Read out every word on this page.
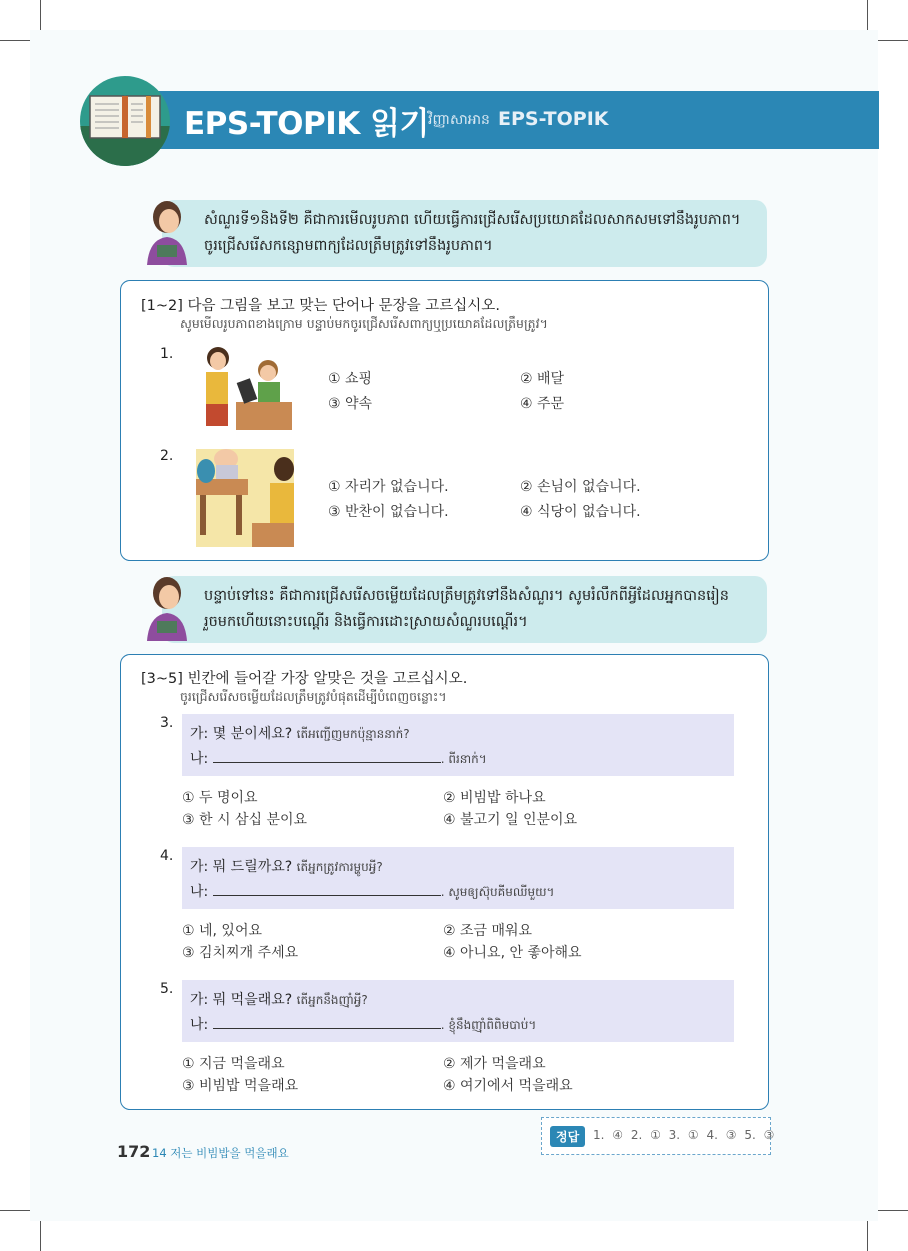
EPS-TOPIK 읽기 វិញ្ញាសាអាន EPS-TOPIK

សំណួរទី១និងទី២ គឺជាការមើលរូបភាព ហើយធ្វើការជ្រើសរើសប្រយោគដែលសាកសមទៅនឹងរូបភាព។

ចូរជ្រើសរើសកន្សោមពាក្យដែលត្រឹមត្រូវទៅនឹងរូបភាព។

[1~2] 다음 그림을 보고 맞는 단어나 문장을 고르십시오.
សូមមើលរូបភាពខាងក្រោម បន្ទាប់មកចូរជ្រើសរើសពាក្យឬប្រយោគដែលត្រឹមត្រូវ។
1.
① 쇼핑	② 배달
③ 약속	④ 주문
2.
① 자리가 없습니다.	② 손님이 없습니다.
③ 반찬이 없습니다.	④ 식당이 없습니다.

បន្ទាប់ទៅនេះ គឺជាការជ្រើសរើសចម្លើយដែលត្រឹមត្រូវទៅនឹងសំណួរ។ សូមរំលឹកពីអ្វីដែលអ្នកបានរៀន

រួចមកហើយនោះបណ្ដើរ និងធ្វើការដោះស្រាយសំណួរបណ្ដើរ។

[3~5] 빈칸에 들어갈 가장 알맞은 것을 고르십시오.
ចូរជ្រើសរើសចម្លើយដែលត្រឹមត្រូវបំផុតដើម្បីបំពេញចន្លោះ។
3.
가: 몇 분이세요? តើអញ្ជើញមកប៉ុន្មាននាក់?
나:	. ពីរនាក់។
① 두 명이요	② 비빔밥 하나요
③ 한 시 삼십 분이요	④ 불고기 일 인분이요
4.
가: 뭐 드릴까요? តើអ្នកត្រូវការម្ហូបអ្វី?
나:	. សូមឲ្យស៊ុបគីមឈីមួយ។
① 네, 있어요	② 조금 매워요
③ 김치찌개 주세요	④ 아니요, 안 좋아해요
5.
가: 뭐 먹을래요? តើអ្នកនឹងញ៉ាំអ្វី?
나:	. ខ្ញុំនឹងញ៉ាំពិពិមបាប់។
① 지금 먹을래요	② 제가 먹을래요
③ 비빔밥 먹을래요	④ 여기에서 먹을래요
정답	1. ④ 2. ① 3. ① 4. ③ 5. ③
172 14 저는 비빔밥을 먹을래요
